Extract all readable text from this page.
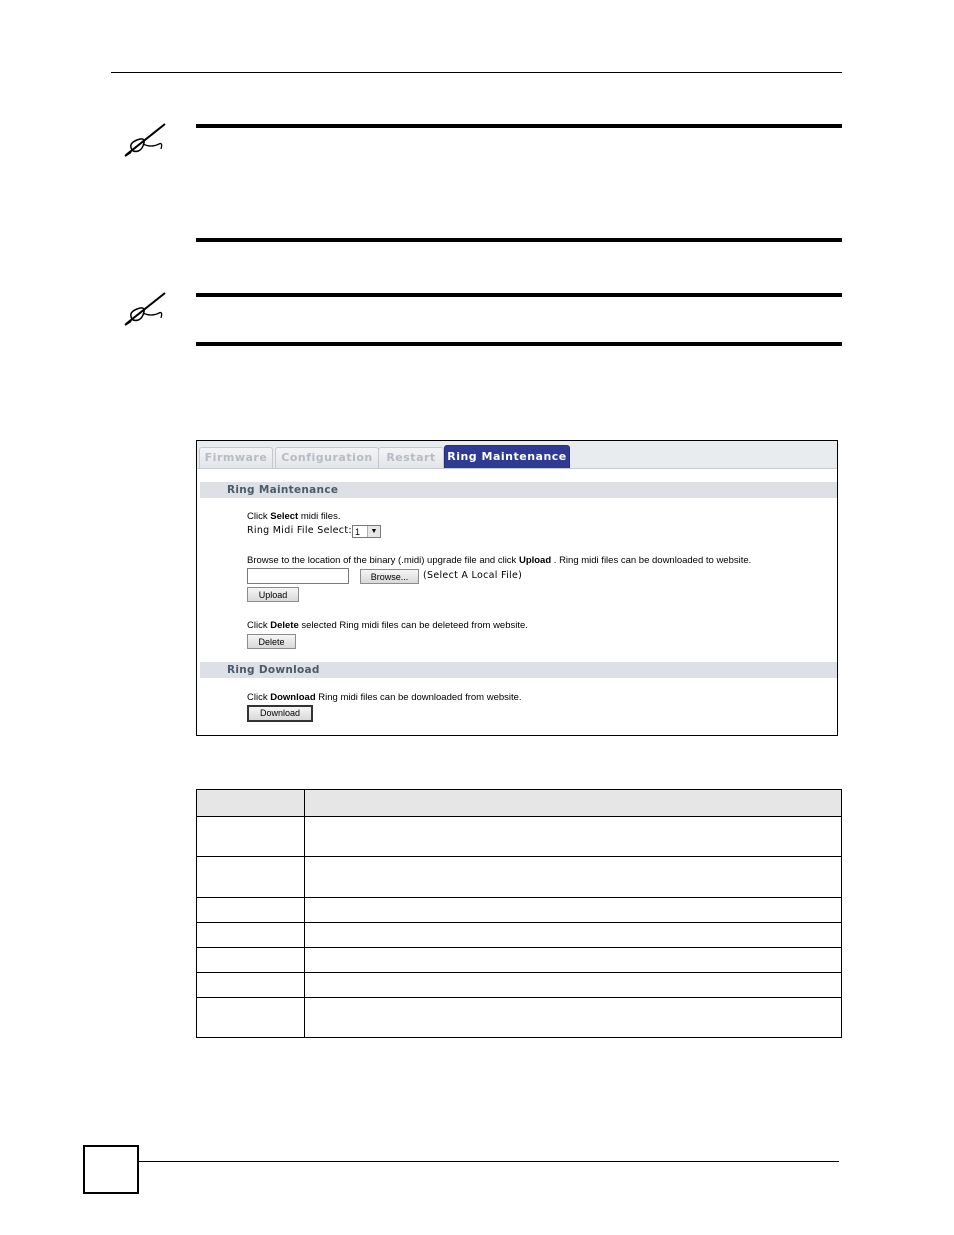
Firmware	Configuration	Restart	Ring Maintenance
Ring Maintenance
Click Select midi files.
Ring Midi File Select: 1	▼
Browse to the location of the binary (.midi) upgrade file and click Upload . Ring midi files can be downloaded to website.
Browse...	(Select A Local File)
Upload
Click Delete selected Ring midi files can be deleteed from website.
Delete
Ring Download
Click Download Ring midi files can be downloaded from website.
Download
